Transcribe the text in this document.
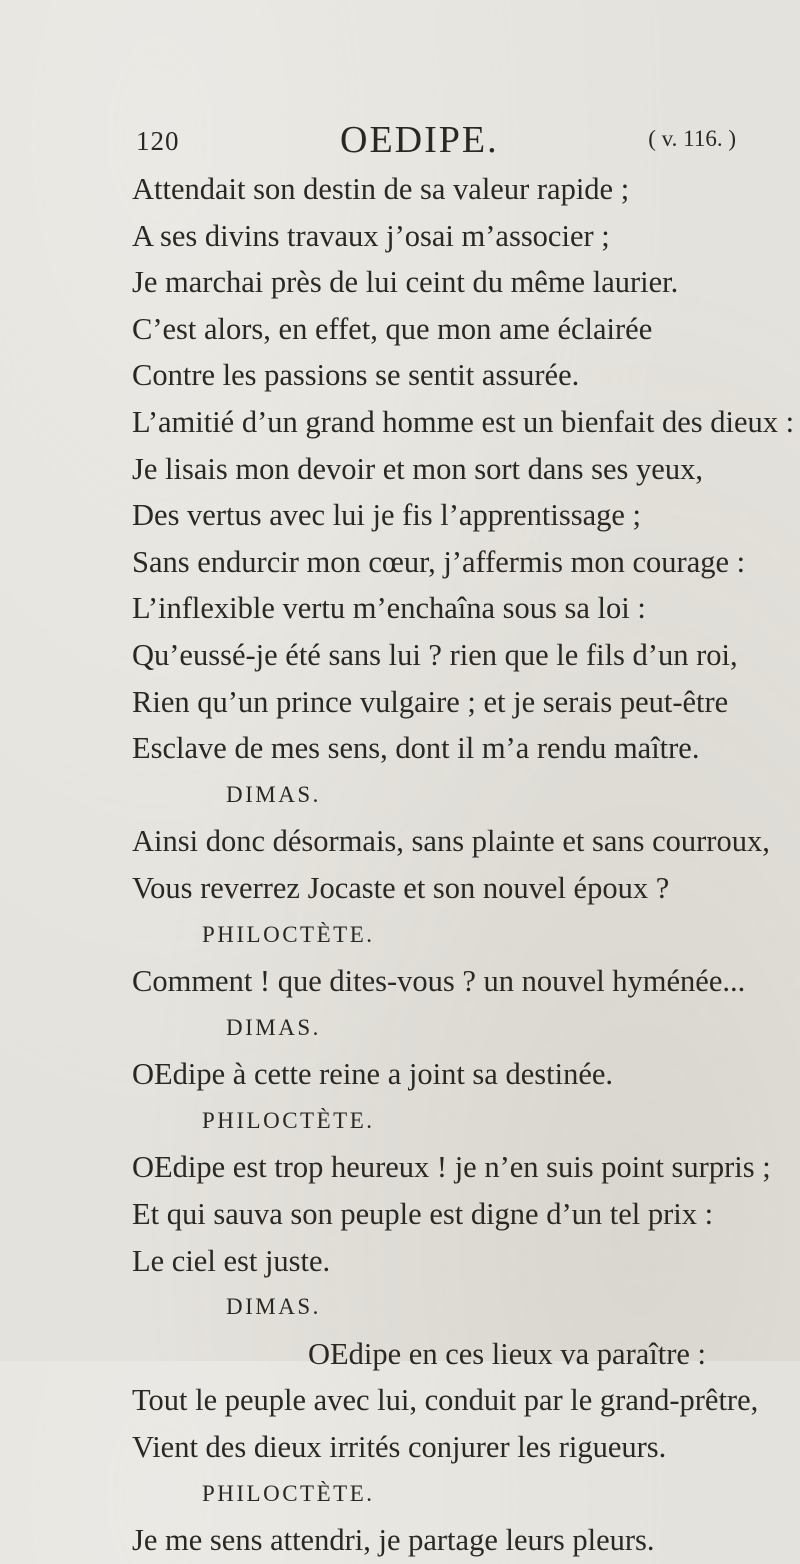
120	OEDIPE.	( v. 116. )
Attendait son destin de sa valeur rapide ;
A ses divins travaux j’osai m’associer ;
Je marchai près de lui ceint du même laurier.
C’est alors, en effet, que mon ame éclairée
Contre les passions se sentit assurée.
L’amitié d’un grand homme est un bienfait des dieux :
Je lisais mon devoir et mon sort dans ses yeux,
Des vertus avec lui je fis l’apprentissage ;
Sans endurcir mon cœur, j’affermis mon courage :
L’inflexible vertu m’enchaîna sous sa loi :
Qu’eussé-je été sans lui ? rien que le fils d’un roi,
Rien qu’un prince vulgaire ; et je serais peut-être
Esclave de mes sens, dont il m’a rendu maître.
DIMAS.
Ainsi donc désormais, sans plainte et sans courroux,
Vous reverrez Jocaste et son nouvel époux ?
PHILOCTÈTE.
Comment ! que dites-vous ? un nouvel hyménée...
DIMAS.
OEdipe à cette reine a joint sa destinée.
PHILOCTÈTE.
OEdipe est trop heureux ! je n’en suis point surpris ;
Et qui sauva son peuple est digne d’un tel prix :
Le ciel est juste.
DIMAS.
OEdipe en ces lieux va paraître :
Tout le peuple avec lui, conduit par le grand-prêtre,
Vient des dieux irrités conjurer les rigueurs.
PHILOCTÈTE.
Je me sens attendri, je partage leurs pleurs.
